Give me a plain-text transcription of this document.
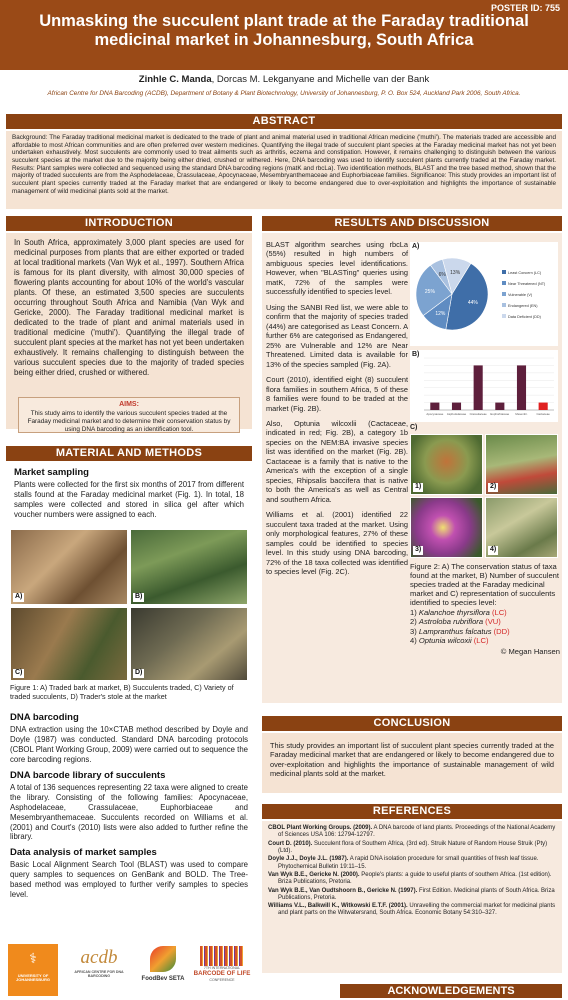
POSTER ID: 755
Unmasking the succulent plant trade at the Faraday traditional medicinal market in Johannesburg, South Africa
Zinhle C. Manda, Dorcas M. Lekganyane and Michelle van der Bank
African Centre for DNA Barcoding (ACDB), Department of Botany & Plant Biotechnology, University of Johannesburg, P. O. Box 524, Auckland Park 2006, South Africa.
ABSTRACT
Background: The Faraday traditional medicinal market is dedicated to the trade of plant and animal material used in traditional African medicine ('muthi'). The materials traded are accessible and affordable to most African communities and are often preferred over western medicines. Quantifying the illegal trade of succulent plant species at the Faraday medicinal market has not yet been undertaken exhaustively. Most succulents are commonly used to treat ailments such as arthritis, eczema and constipation. However, it remains challenging to distinguish between the various succulent species at the market due to the majority being either dried, crushed or withered. Here, DNA barcoding was used to identify succulent plants currently traded at the Faraday market. Results: Plant samples were collected and sequenced using the standard DNA barcoding regions (matK and rbcLa). Two identification methods, BLAST and the tree based method, shown that the majority of traded succulents are from the Asphodelaceae, Crassulaceae, Apocynaceae, Mesembryanthemaceae and Euphorbiaceae families. Significance: This study provides an important list of succulent plant species currently traded at the Faraday market that are endangered or likely to become endangered due to over-exploitation and highlights the importance of sustainable management of wild medicinal plants sold at the market.
INTRODUCTION
In South Africa, approximately 3,000 plant species are used for medicinal purposes from plants that are either exported or traded at local traditional markets (Van Wyk et al., 1997). Southern Africa is famous for its plant diversity, with almost 30,000 species of flowering plants accounting for about 10% of the world's vascular plants. Of these, an estimated 3,500 species are succulents occurring throughout South Africa and Namibia (Van Wyk and Gericke, 2000). The Faraday traditional medicinal market is dedicated to the trade of plant and animal materials used in traditional medicine ('muthi'). Quantifying the illegal trade of succulent plant species at the market has not yet been undertaken exhaustively. It remains challenging to distinguish between the various succulent species due to the majority of traded species being either dried, crushed or withered.
AIMS:
This study aims to identify the various succulent species traded at the Faraday medicinal market and to determine their conservation status by using DNA barcoding as an identification tool.
MATERIAL AND METHODS
Market sampling
Plants were collected for the first six months of 2017 from different stalls found at the Faraday medicinal market (Fig. 1). In total, 18 samples were collected and stored in silica gel after which voucher numbers were assigned to each.
A)	B)
C)	D)
Figure 1: A) Traded bark at market, B) Succulents traded, C) Variety of traded succulents, D) Trader's stole at the market
DNA barcoding
DNA extraction using the 10×CTAB method described by Doyle and Doyle (1987) was conducted. Standard DNA barcoding protocols (CBOL Plant Working Group, 2009) were carried out to sequence the core barcoding regions.
DNA barcode library of succulents
A total of 136 sequences representing 22 taxa were aligned to create the library. Consisting of the following families: Apocynaceae, Asphodelaceae, Crassulaceae, Euphorbiaceae and Mesembryanthemaceae. Succulents recorded on Williams et al. (2001) and Court's (2010) lists were also added to further refine the library.
Data analysis of market samples
Basic Local Alignment Search Tool (BLAST) was used to compare query samples to sequences on GenBank and BOLD. The Tree-based method was employed to further verify samples to species level.
RESULTS AND DISCUSSION
BLAST algorithm searches using rbcLa (55%) resulted in high numbers of ambiguous species level identifications. However, when "BLASTing" queries using matK, 72% of the samples were successfully identified to species level.
Using the SANBI Red list, we were able to confirm that the majority of species traded (44%) are categorised as Least Concern. A further 6% are categorised as Endangered, 25% are Vulnerable and 12% are Near Threatened. Limited data is available for 13% of the species sampled (Fig. 2A).
Court (2010), identified eight (8) succulent flora families in southern Africa, 5 of these 8 families were found to be traded at the market (Fig. 2B).
Also, Optunia wilcoxlii (Cactaceae, indicated in red; Fig. 2B), a category 1b species on the NEM:BA invasive species list was identified on the market (Fig. 2B). Cactaceae is a family that is native to the America's with the exception of a single species, Rhipsalis baccifera that is native to both the America's as well as Central and southern Africa.
Williams et al. (2001) identified 22 succulent taxa traded at the market. Using only morphological features, 27% of these samples could be identified to species level. In this study using DNA barcoding, 72% of the 18 taxa collected was identified to species level (Fig. 2C).
A)
44%
12%
25%
6% 13%	Least Concern (LC)
Near Threatened (NT)
Vulnerable (V)
Endangered (EN)
Data Deficient (DD)
B)
Apocynaceae Asphodelaceae Crassulaceae Euphorbiaceae Mesembr.	Cactaceae
C)
1)	2)
3)	4)
Figure 2: A) The conservation status of taxa found at the market, B) Number of succulent species traded at the Faraday medicinal market and C) representation of succulents identified to species level:
1) Kalanchoe thyrsiflora (LC)
2) Astroloba rubriflora (VU)
3) Lampranthus falcatus (DD)
4) Optunia wilcoxii (LC)
© Megan Hansen
CONCLUSION
This study provides an important list of succulent plant species currently traded at the Faraday medicinal market that are endangered or likely to become endangered due to over-exploitation and highlights the importance of sustainable management of wild medicinal plants sold at the market.
REFERENCES

CBOL Plant Working Groups. (2009). A DNA barcode of land plants. Proceedings of the National Academy of Sciences USA 106: 12794-12797.

Court D. (2010). Succulent flora of Southern Africa, (3rd ed). Struik Nature of Random House Struik (Pty) (Ltd).

Doyle J.J., Doyle J.L. (1987). A rapid DNA isolation procedure for small quantities of fresh leaf tissue. Phytochemical Bulletin 19:11–15.

Van Wyk B.E., Gericke N. (2000). People's plants: a guide to useful plants of southern Africa. (1st edition). Briza Publications, Pretoria.

Van Wyk B.E., Van Oudtshoorn B., Gericke N. (1997). First Edition. Medicinal plants of South Africa. Briza Publications, Pretoria.

Williams V.L., Balkwill K., Witkowski E.T.F. (2001). Unravelling the commercial market for medicinal plants and plant parts on the Witwatersrand, South Africa. Economic Botany 54:310–327.

⚕
UNIVERSITY OF JOHANNESBURG
acdb
AFRICAN CENTRE FOR DNA BARCODING	FoodBev SETA
7TH INTERNATIONAL
BARCODE OF LIFE
CONFERENCE
ACKNOWLEDGEMENTS
